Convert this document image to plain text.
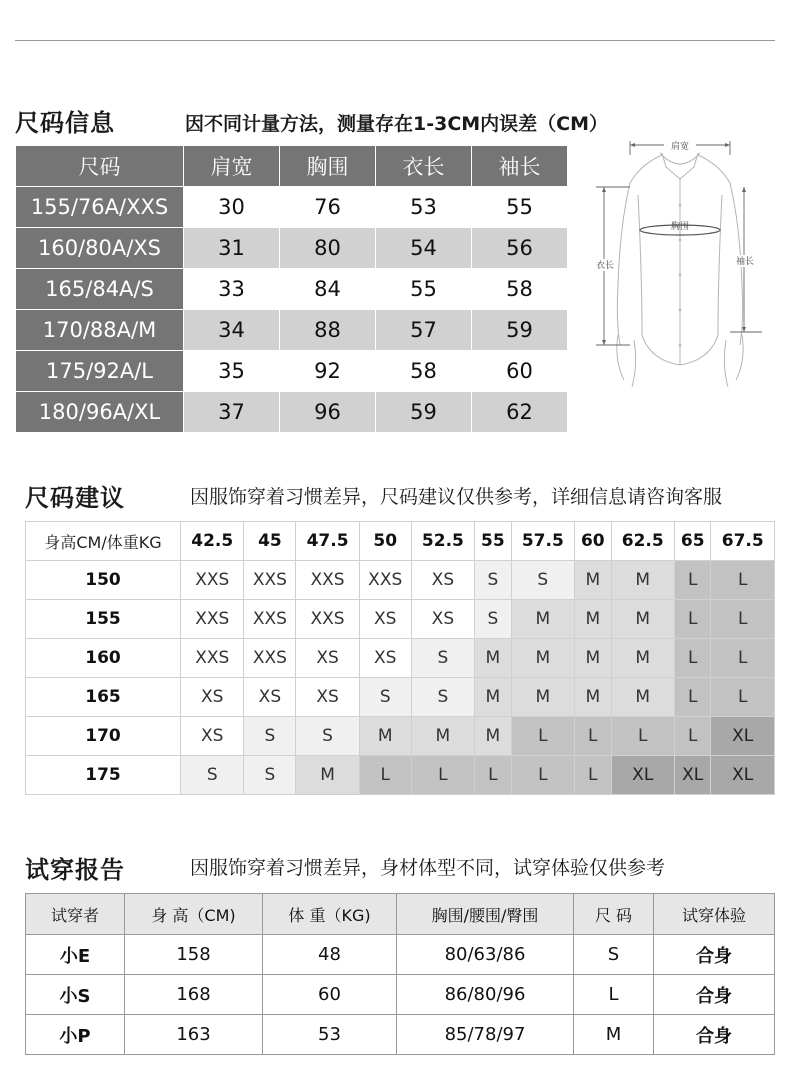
尺码信息	因不同计量方法，测量存在1-3CM内误差（CM）
尺码	肩宽	胸围	衣长	袖长
155/76A/XXS	30	76	53	55
160/80A/XS	31	80	54	56
165/84A/S	33	84	55	58
170/88A/M	34	88	57	59
175/92A/L	35	92	58	60
180/96A/XL	37	96	59	62
肩宽
胸围
衣长	袖长
尺码建议	因服饰穿着习惯差异，尺码建议仅供参考，详细信息请咨询客服
身高CM/体重KG	42.5	45	47.5	50	52.5	55	57.5	60	62.5	65	67.5
150	XXS	XXS	XXS	XXS	XS	S	S	M	M	L	L
155	XXS	XXS	XXS	XS	XS	S	M	M	M	L	L
160	XXS	XXS	XS	XS	S	M	M	M	M	L	L
165	XS	XS	XS	S	S	M	M	M	M	L	L
170	XS	S	S	M	M	M	L	L	L	L	XL
175	S	S	M	L	L	L	L	L	XL	XL	XL
试穿报告	因服饰穿着习惯差异，身材体型不同，试穿体验仅供参考
试穿者	身 高（CM)	体 重（KG)	胸围/腰围/臀围	尺 码	试穿体验
小E	158	48	80/63/86	S	合身
小S	168	60	86/80/96	L	合身
小P	163	53	85/78/97	M	合身
